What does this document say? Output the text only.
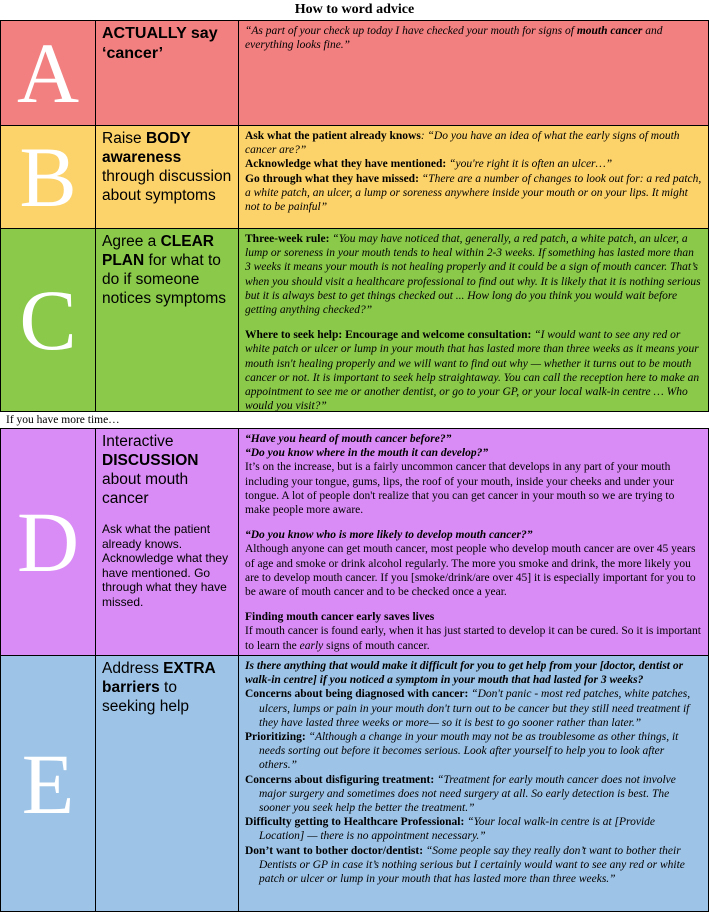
How to word advice
A	ACTUALLY say ‘cancer’

“As part of your check up today I have checked your mouth for signs of mouth cancer and everything looks fine.”

B	Raise BODY awareness through discussion about symptoms

Ask what the patient already knows: “Do you have an idea of what the early signs of mouth cancer are?”

Acknowledge what they have mentioned: “you're right it is often an ulcer…”

Go through what they have missed: “There are a number of changes to look out for: a red patch, a white patch, an ulcer, a lump or soreness anywhere inside your mouth or on your lips. It might not to be painful”

C
Agree a CLEAR PLAN for what to do if someone notices symptoms

Three-week rule: “You may have noticed that, generally, a red patch, a white patch, an ulcer, a lump or soreness in your mouth tends to heal within 2-3 weeks. If something has lasted more than 3 weeks it means your mouth is not healing properly and it could be a sign of mouth cancer. That’s when you should visit a healthcare professional to find out why. It is likely that it is nothing serious but it is always best to get things checked out ... How long do you think you would wait before getting anything checked?”

Where to seek help: Encourage and welcome consultation: “I would want to see any red or white patch or ulcer or lump in your mouth that has lasted more than three weeks as it means your mouth isn't healing properly and we will want to find out why — whether it turns out to be mouth cancer or not. It is important to seek help straightaway. You can call the reception here to make an appointment to see me or another dentist, or go to your GP, or your local walk-in centre … Who would you visit?”

If you have more time…
D
Interactive DISCUSSION about mouth cancer
Ask what the patient already knows. Acknowledge what they have mentioned. Go through what they have missed.

“Have you heard of mouth cancer before?”

“Do you know where in the mouth it can develop?”

It’s on the increase, but is a fairly uncommon cancer that develops in any part of your mouth including your tongue, gums, lips, the roof of your mouth, inside your cheeks and under your tongue. A lot of people don't realize that you can get cancer in your mouth so we are trying to make people more aware.

“Do you know who is more likely to develop mouth cancer?”

Although anyone can get mouth cancer, most people who develop mouth cancer are over 45 years of age and smoke or drink alcohol regularly. The more you smoke and drink, the more likely you are to develop mouth cancer. If you [smoke/drink/are over 45] it is especially important for you to be aware of mouth cancer and to be checked once a year.

Finding mouth cancer early saves lives

If mouth cancer is found early, when it has just started to develop it can be cured. So it is important to learn the early signs of mouth cancer.

E
Address EXTRA barriers to seeking help

Is there anything that would make it difficult for you to get help from your [doctor, dentist or walk-in centre] if you noticed a symptom in your mouth that had lasted for 3 weeks?

Concerns about being diagnosed with cancer: “Don't panic - most red patches, white patches, ulcers, lumps or pain in your mouth don't turn out to be cancer but they still need treatment if they have lasted three weeks or more— so it is best to go sooner rather than later.”

Prioritizing: “Although a change in your mouth may not be as troublesome as other things, it needs sorting out before it becomes serious. Look after yourself to help you to look after others.”

Concerns about disfiguring treatment: “Treatment for early mouth cancer does not involve major surgery and sometimes does not need surgery at all. So early detection is best. The sooner you seek help the better the treatment.”

Difficulty getting to Healthcare Professional: “Your local walk-in centre is at [Provide Location] — there is no appointment necessary.”

Don’t want to bother doctor/dentist: “Some people say they really don’t want to bother their Dentists or GP in case it’s nothing serious but I certainly would want to see any red or white patch or ulcer or lump in your mouth that has lasted more than three weeks.”
